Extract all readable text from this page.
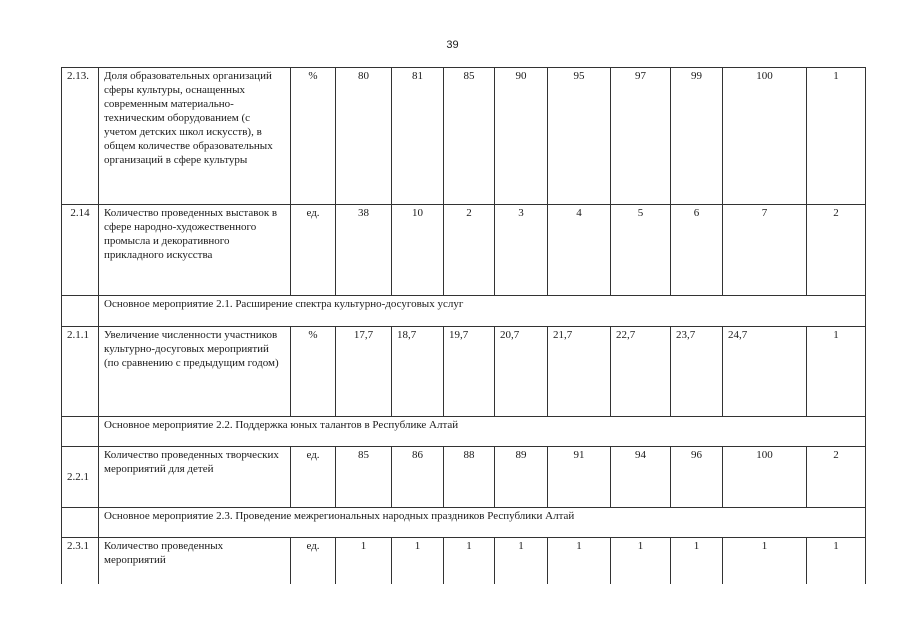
39
2.13.	Доля образовательных организаций сферы культуры, оснащенных современным материально-техническим оборудованием (с учетом детских школ искусств), в общем количестве образовательных организаций в сфере культуры	%	80	81	85	90	95	97	99	100	1
2.14	Количество проведенных выставок в сфере народно-художественного промысла и декоративного прикладного искусства	ед.	38	10	2	3	4	5	6	7	2
	Основное мероприятие 2.1. Расширение спектра культурно-досуговых услуг										
2.1.1	Увеличение численности участников культурно-досуговых мероприятий (по сравнению с предыдущим годом)	%	17,7	18,7	19,7	20,7	21,7	22,7	23,7	24,7	1
	Основное мероприятие 2.2. Поддержка юных талантов в Республике Алтай										
2.2.1	Количество проведенных творческих мероприятий для детей	ед.	85	86	88	89	91	94	96	100	2
	Основное мероприятие 2.3. Проведение межрегиональных народных праздников Республики Алтай										
2.3.1	Количество проведенных мероприятий	ед.	1	1	1	1	1	1	1	1	1
